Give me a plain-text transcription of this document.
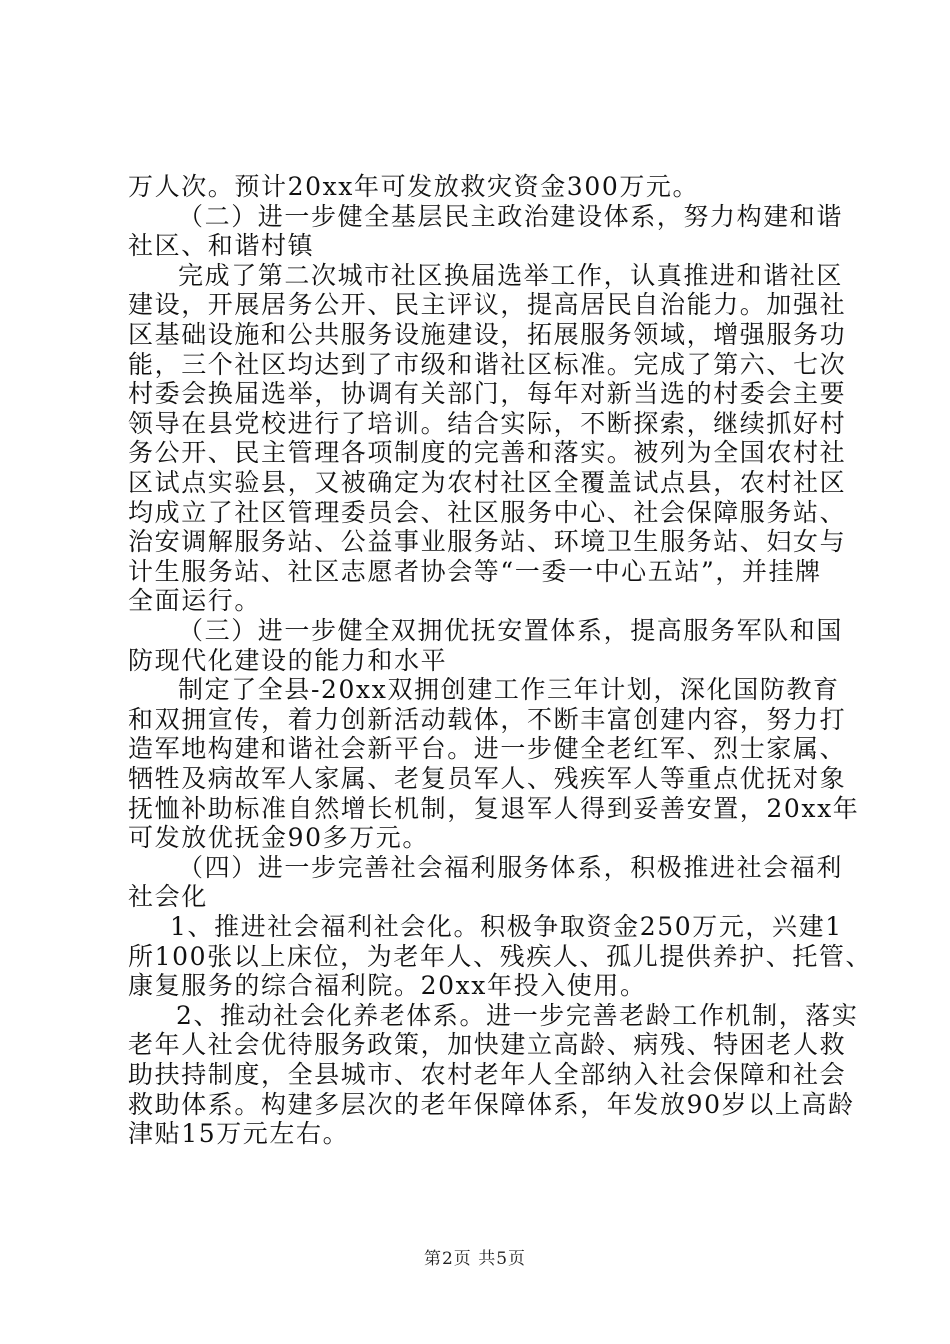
万人次。预计20xx年可发放救灾资金300万元。
（二）进一步健全基层民主政治建设体系，努力构建和谐
社区、和谐村镇
完成了第二次城市社区换届选举工作，认真推进和谐社区
建设，开展居务公开、民主评议，提高居民自治能力。加强社
区基础设施和公共服务设施建设，拓展服务领域，增强服务功
能，三个社区均达到了市级和谐社区标准。完成了第六、七次
村委会换届选举，协调有关部门，每年对新当选的村委会主要
领导在县党校进行了培训。结合实际，不断探索，继续抓好村
务公开、民主管理各项制度的完善和落实。被列为全国农村社
区试点实验县，又被确定为农村社区全覆盖试点县，农村社区
均成立了社区管理委员会、社区服务中心、社会保障服务站、
治安调解服务站、公益事业服务站、环境卫生服务站、妇女与
计生服务站、社区志愿者协会等“一委一中心五站”，并挂牌
全面运行。
（三）进一步健全双拥优抚安置体系，提高服务军队和国
防现代化建设的能力和水平
制定了全县-20xx双拥创建工作三年计划，深化国防教育
和双拥宣传，着力创新活动载体，不断丰富创建内容，努力打
造军地构建和谐社会新平台。进一步健全老红军、烈士家属、
牺牲及病故军人家属、老复员军人、残疾军人等重点优抚对象
抚恤补助标准自然增长机制，复退军人得到妥善安置，20xx年
可发放优抚金90多万元。
（四）进一步完善社会福利服务体系，积极推进社会福利
社会化
1、推进社会福利社会化。积极争取资金250万元，兴建1
所100张以上床位，为老年人、残疾人、孤儿提供养护、托管、
康复服务的综合福利院。20xx年投入使用。
2、推动社会化养老体系。进一步完善老龄工作机制，落实
老年人社会优待服务政策，加快建立高龄、病残、特困老人救
助扶持制度，全县城市、农村老年人全部纳入社会保障和社会
救助体系。构建多层次的老年保障体系，年发放90岁以上高龄
津贴15万元左右。
第2页 共5页
